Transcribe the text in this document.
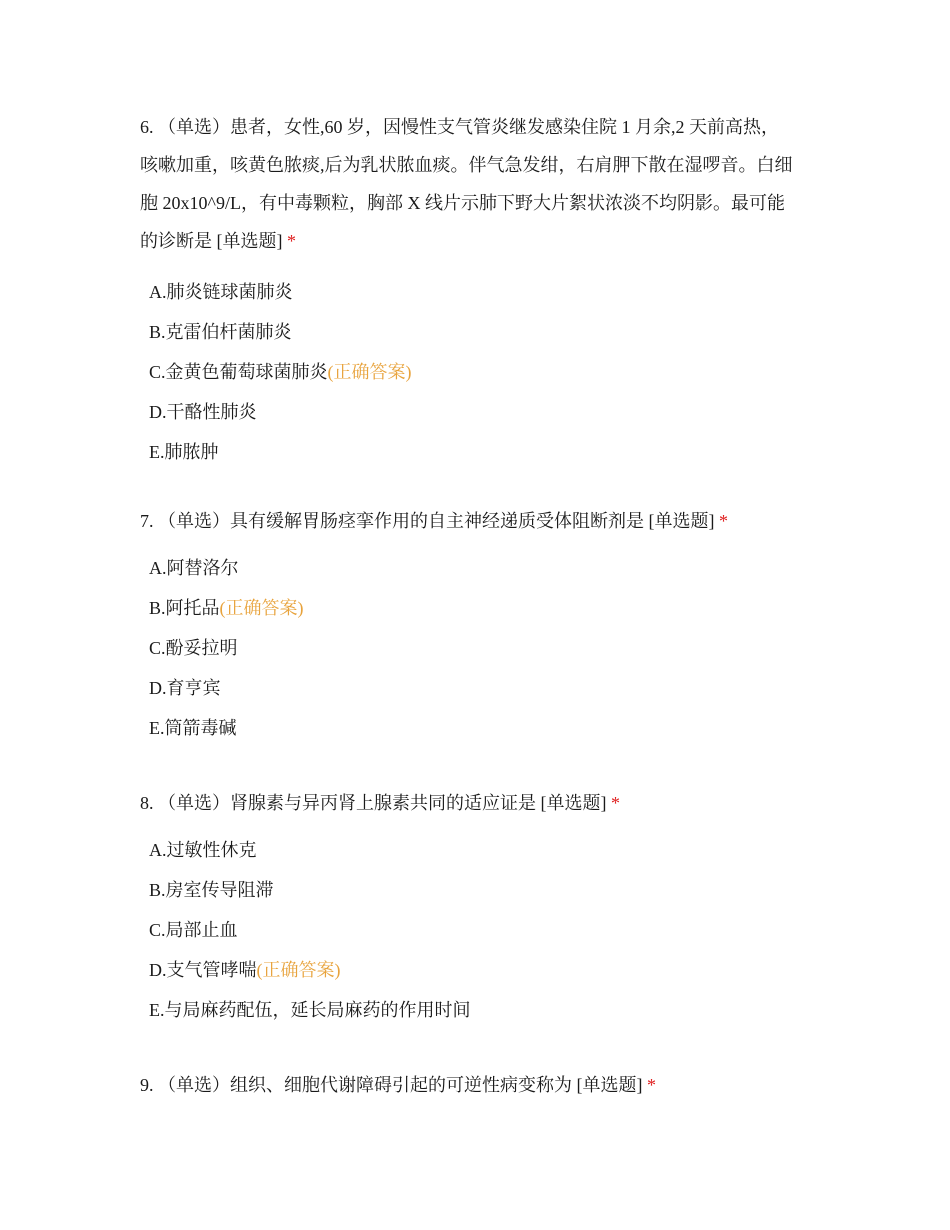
6. （单选）患者，女性,60 岁，因慢性支气管炎继发感染住院 1 月余,2 天前高热， 咳嗽加重，咳黄色脓痰,后为乳状脓血痰。伴气急发绀，右肩胛下散在湿啰音。白细胞 20x10^9/L，有中毒颗粒，胸部 X 线片示肺下野大片絮状浓淡不均阴影。最可能的诊断是 [单选题] *

A.肺炎链球菌肺炎
B.克雷伯杆菌肺炎
C.金黄色葡萄球菌肺炎(正确答案)
D.干酪性肺炎
E.肺脓肿

7. （单选）具有缓解胃肠痉挛作用的自主神经递质受体阻断剂是 [单选题] *

A.阿替洛尔
B.阿托品(正确答案)
C.酚妥拉明
D.育亨宾
E.筒箭毒碱

8. （单选）肾腺素与异丙肾上腺素共同的适应证是 [单选题] *

A.过敏性休克
B.房室传导阻滞
C.局部止血
D.支气管哮喘(正确答案)
E.与局麻药配伍，延长局麻药的作用时间

9. （单选）组织、细胞代谢障碍引起的可逆性病变称为 [单选题] *
